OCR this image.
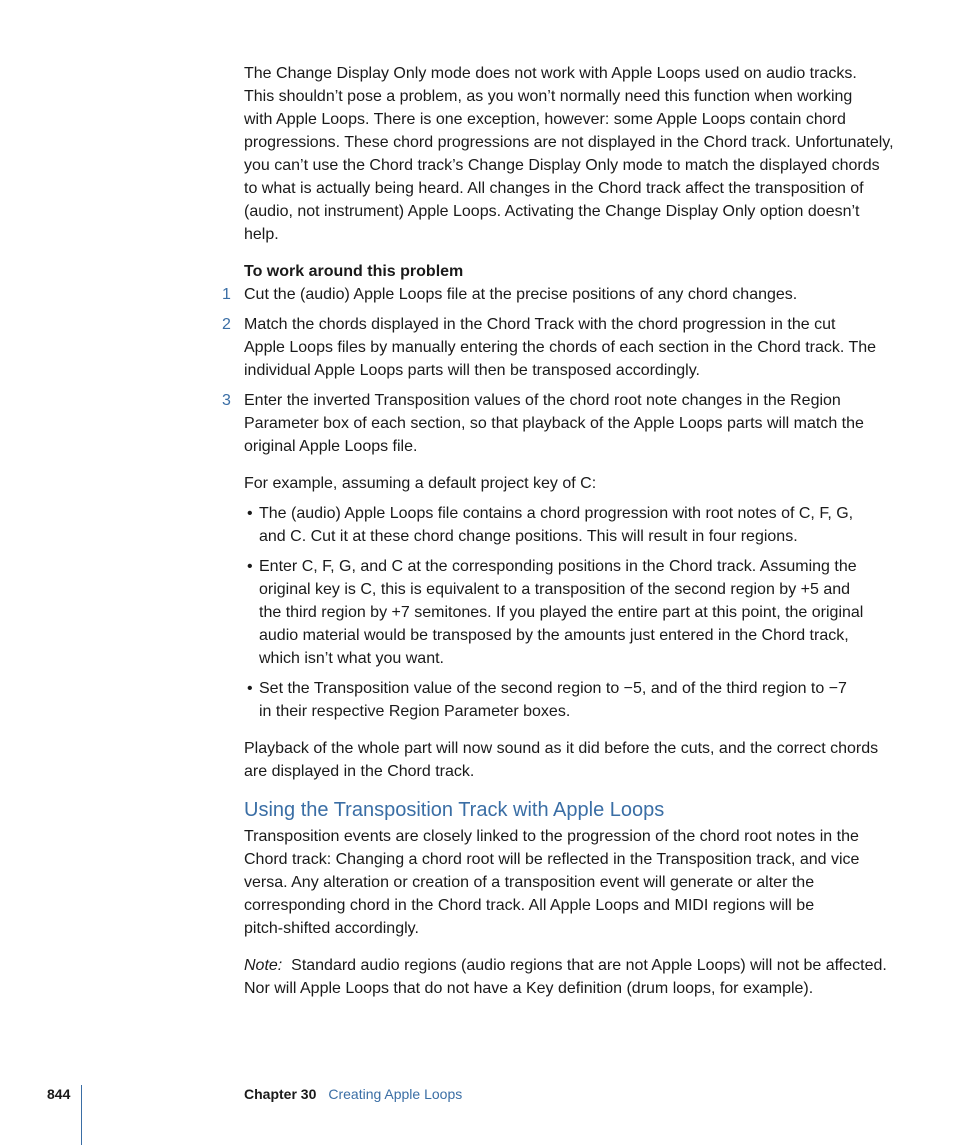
The Change Display Only mode does not work with Apple Loops used on audio tracks.
This shouldn’t pose a problem, as you won’t normally need this function when working
with Apple Loops. There is one exception, however: some Apple Loops contain chord
progressions. These chord progressions are not displayed in the Chord track. Unfortunately,
you can’t use the Chord track’s Change Display Only mode to match the displayed chords
to what is actually being heard. All changes in the Chord track affect the transposition of
(audio, not instrument) Apple Loops. Activating the Change Display Only option doesn’t
help.
To work around this problem
1 Cut the (audio) Apple Loops file at the precise positions of any chord changes.
2 Match the chords displayed in the Chord Track with the chord progression in the cut
Apple Loops files by manually entering the chords of each section in the Chord track. The
individual Apple Loops parts will then be transposed accordingly.
3 Enter the inverted Transposition values of the chord root note changes in the Region
Parameter box of each section, so that playback of the Apple Loops parts will match the
original Apple Loops file.
For example, assuming a default project key of C:
• The (audio) Apple Loops file contains a chord progression with root notes of C, F, G,
and C. Cut it at these chord change positions. This will result in four regions.
• Enter C, F, G, and C at the corresponding positions in the Chord track. Assuming the
original key is C, this is equivalent to a transposition of the second region by +5 and
the third region by +7 semitones. If you played the entire part at this point, the original
audio material would be transposed by the amounts just entered in the Chord track,
which isn’t what you want.
• Set the Transposition value of the second region to −5, and of the third region to −7
in their respective Region Parameter boxes.
Playback of the whole part will now sound as it did before the cuts, and the correct chords
are displayed in the Chord track.
Transposition events are closely linked to the progression of the chord root notes in the
Chord track: Changing a chord root will be reflected in the Transposition track, and vice
versa. Any alteration or creation of a transposition event will generate or alter the
corresponding chord in the Chord track. All Apple Loops and MIDI regions will be
pitch-shifted accordingly.
Using the Transposition Track with Apple Loops
Note:  Standard audio regions (audio regions that are not Apple Loops) will not be affected.
Nor will Apple Loops that do not have a Key definition (drum loops, for example).
844	Chapter 30 Creating Apple Loops
